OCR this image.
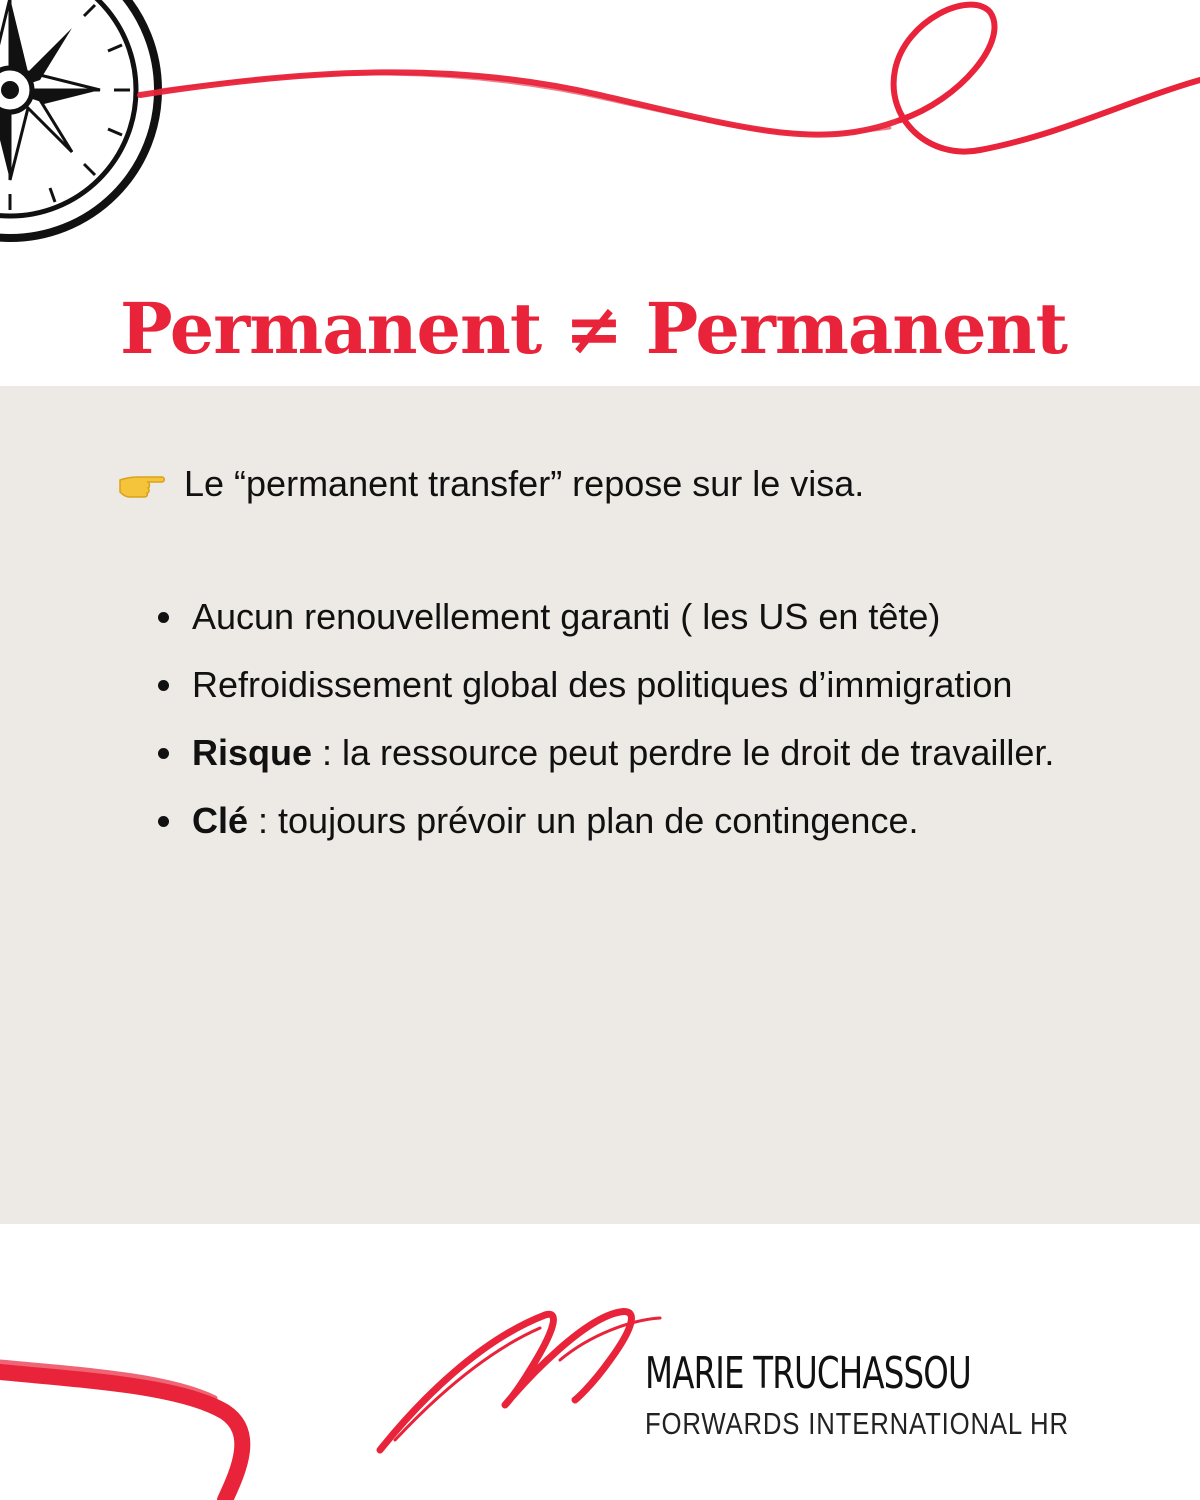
Permanent ≠ Permanent
Le “permanent transfer” repose sur le visa.
Aucun renouvellement garanti ( les US en tête)
Refroidissement global des politiques d’immigration
Risque : la ressource peut perdre le droit de travailler.
Clé : toujours prévoir un plan de contingence.

MARIE TRUCHASSOU

FORWARDS INTERNATIONAL HR
